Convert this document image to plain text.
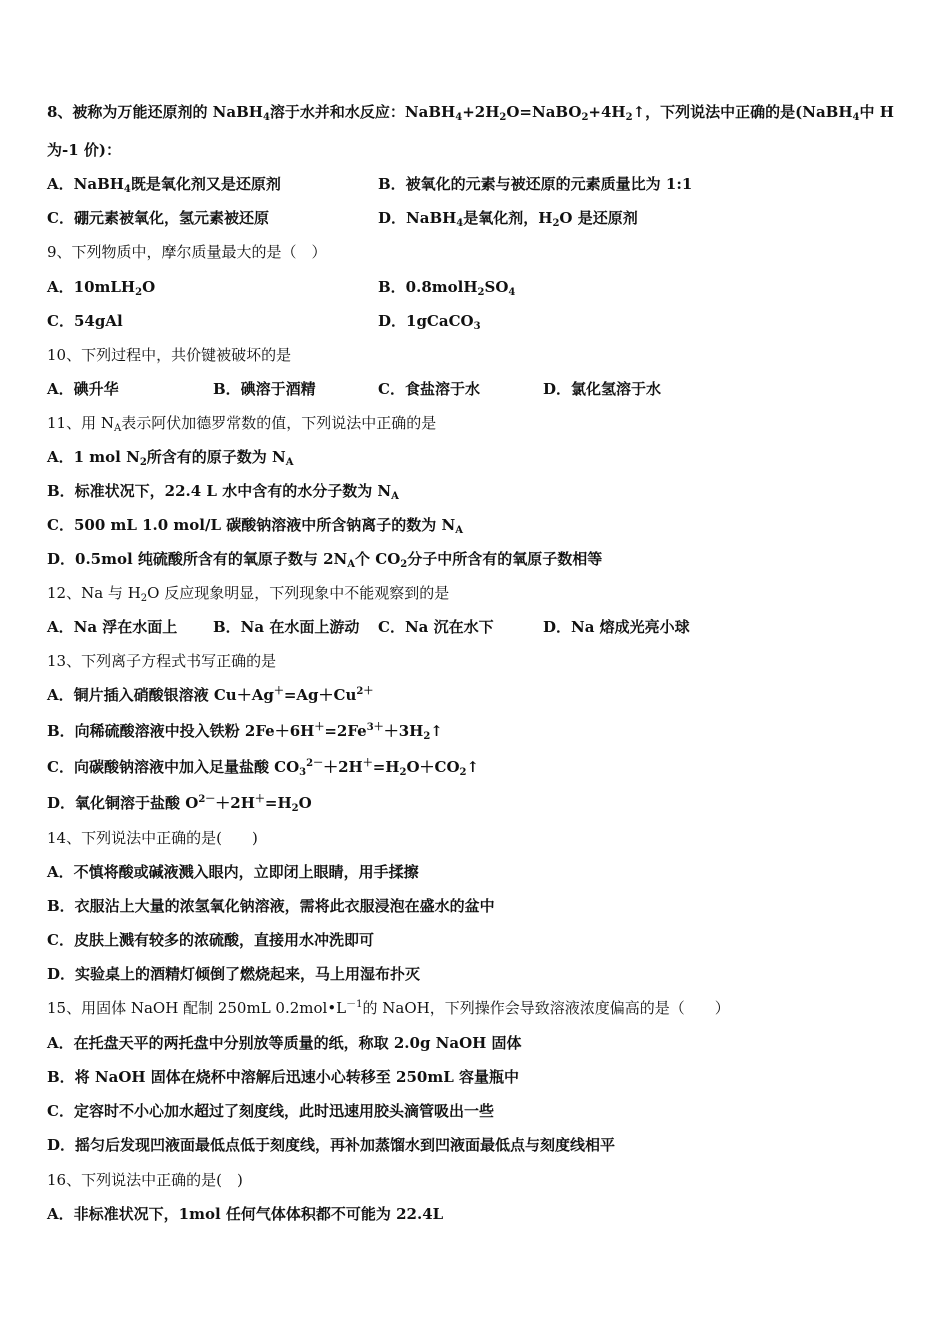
8、被称为万能还原剂的 NaBH$_4$溶于水并和水反应：$NaBH_4+2H_2O=NaBO_2+4H_2↑$，下列说法中正确的是(NaBH$_4$中 H
为-1 价)：
A．NaBH$_4$既是氧化剂又是还原剂	B．被氧化的元素与被还原的元素质量比为 1:1
C．硼元素被氧化，氢元素被还原	D．NaBH$_4$是氧化剂，$H_2O$ 是还原剂
9、下列物质中，摩尔质量最大的是（　）
A．10mLH$_2$O	B．$0.8molH_2SO_4$
C．54gAl	D．1gCaCO$_3$
10、下列过程中，共价键被破坏的是
A．碘升华	B．碘溶于酒精	C．食盐溶于水	D．氯化氢溶于水
11、用 $N_A$表示阿伏加德罗常数的值，下列说法中正确的是
A．1 mol $N_2$所含有的原子数为 $N_A$
B．标准状况下，22.4 L 水中含有的水分子数为 $N_A$
C．500 mL 1.0 mol/L 碳酸钠溶液中所含钠离子的数为 $N_A$
D．0.5mol 纯硫酸所含有的氧原子数与 $2N_A$个 $CO_2$分子中所含有的氧原子数相等
12、Na 与 $H_2O$ 反应现象明显，下列现象中不能观察到的是
A．Na 浮在水面上 B．Na 在水面上游动 C．Na 沉在水下	D．Na 熔成光亮小球
13、下列离子方程式书写正确的是
A．铜片插入硝酸银溶液 $Cu+Ag^+=Ag+Cu^{2+}$
B．向稀硫酸溶液中投入铁粉 $2Fe+6H^+=2Fe^{3+}+3H_2↑$
C．向碳酸钠溶液中加入足量盐酸 $CO_3^{2-}+2H^+=H_2O+CO_2↑$
D．氧化铜溶于盐酸 $O^{2-}+2H^+=H_2O$
14、下列说法中正确的是(　　)
A．不慎将酸或碱液溅入眼内，立即闭上眼睛，用手揉擦
B．衣服沾上大量的浓氢氧化钠溶液，需将此衣服浸泡在盛水的盆中
C．皮肤上溅有较多的浓硫酸，直接用水冲洗即可
D．实验桌上的酒精灯倾倒了燃烧起来，马上用湿布扑灭
15、用固体 NaOH 配制 250mL $0.2mol•L^{-1}$的 NaOH，下列操作会导致溶液浓度偏高的是（　　）
A．在托盘天平的两托盘中分别放等质量的纸，称取 2.0g NaOH 固体
B．将 NaOH 固体在烧杯中溶解后迅速小心转移至 250mL 容量瓶中
C．定容时不小心加水超过了刻度线，此时迅速用胶头滴管吸出一些
D．摇匀后发现凹液面最低点低于刻度线，再补加蒸馏水到凹液面最低点与刻度线相平
16、下列说法中正确的是(　)
A．非标准状况下，1mol 任何气体体积都不可能为 22.4L
